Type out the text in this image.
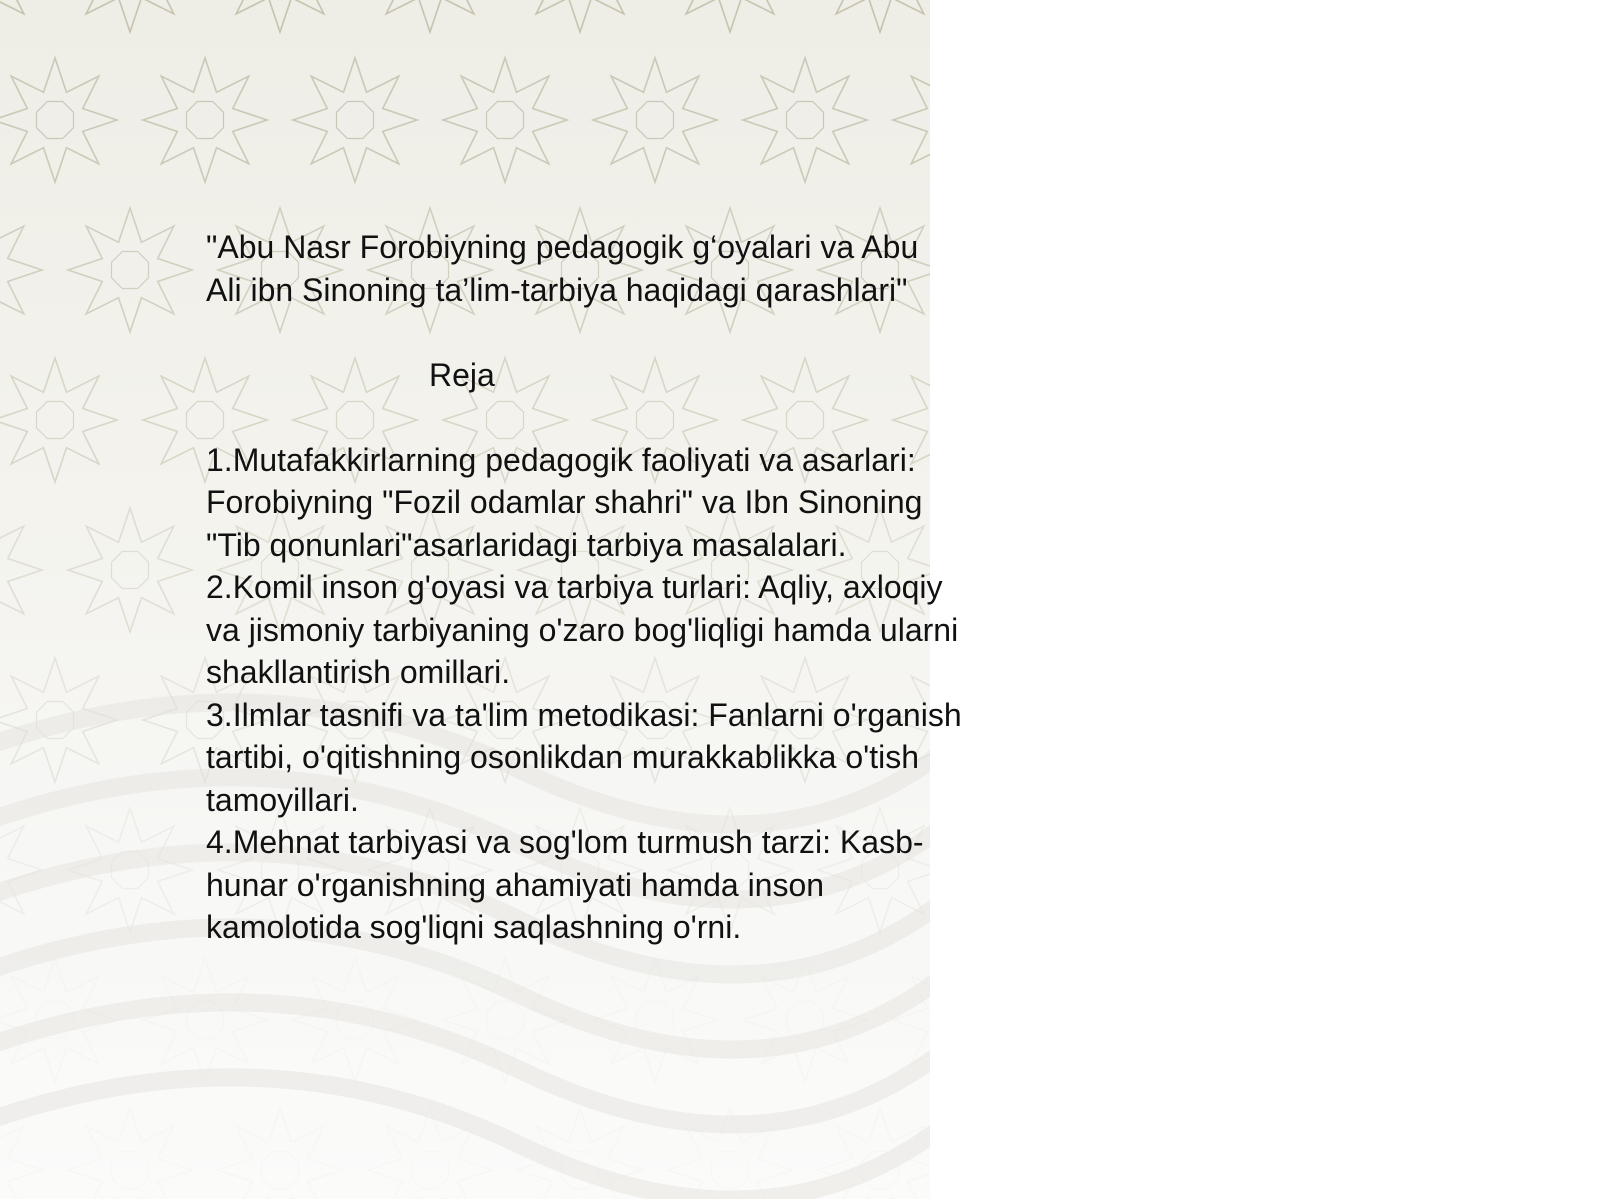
"Abu Nasr Forobiyning pedagogik g‘oyalari va Abu Ali ibn Sinoning ta’lim-tarbiya haqidagi qarashlari"

Reja

1.Mutafakkirlarning pedagogik faoliyati va asarlari: Forobiyning "Fozil odamlar shahri" va Ibn Sinoning "Tib qonunlari"asarlaridagi tarbiya masalalari.

2.Komil inson g'oyasi va tarbiya turlari: Aqliy, axloqiy va jismoniy tarbiyaning o'zaro bog'liqligi hamda ularni shakllantirish omillari.

3.Ilmlar tasnifi va ta'lim metodikasi: Fanlarni o'rganish tartibi, o'qitishning osonlikdan murakkablikka o'tish tamoyillari.

4.Mehnat tarbiyasi va sog'lom turmush tarzi: Kasb-hunar o'rganishning ahamiyati hamda inson kamolotida sog'liqni saqlashning o'rni.
